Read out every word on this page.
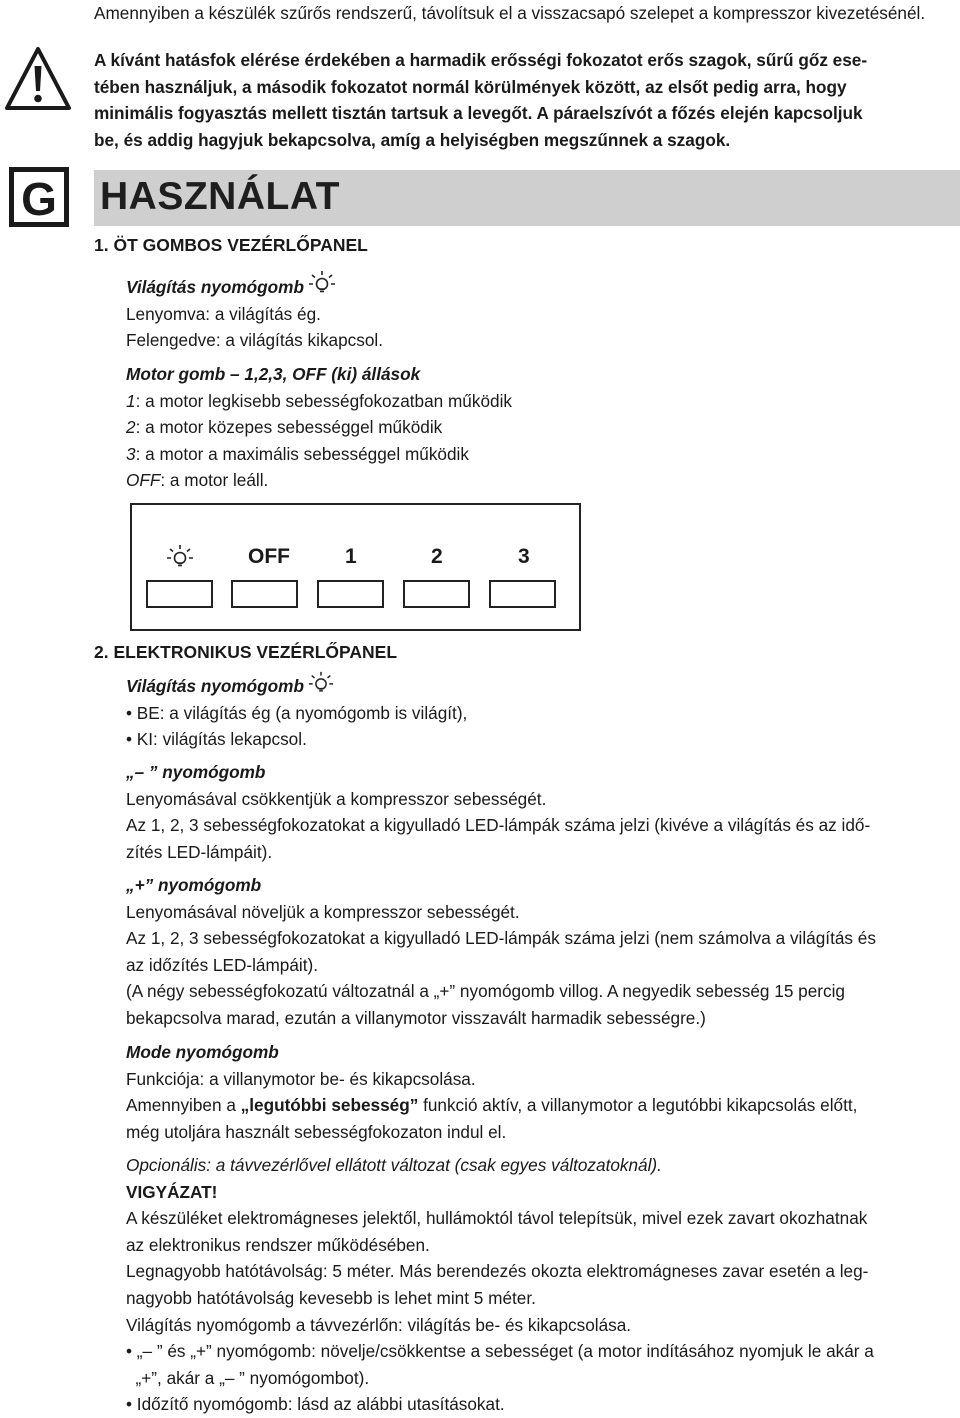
G

Amennyiben a készülék szűrős rendszerű, távolítsuk el a visszacsapó szelepet a kompresszor kivezetésénél.

A kívánt hatásfok elérése érdekében a harmadik erősségi fokozatot erős szagok, sűrű gőz ese-
tében használjuk, a második fokozatot normál körülmények között, az elsőt pedig arra, hogy
minimális fogyasztás mellett tisztán tartsuk a levegőt. A páraelszívót a főzés elején kapcsoljuk
be, és addig hagyjuk bekapcsolva, amíg a helyiségben megszűnnek a szagok.

HASZNÁLAT
1. ÖT GOMBOS VEZÉRLŐPANEL
Világítás nyomógomb
Lenyomva: a világítás ég.
Felengedve: a világítás kikapcsol.
Motor gomb – 1,2,3, OFF (ki) állások
1: a motor legkisebb sebességfokozatban működik
2: a motor közepes sebességgel működik
3: a motor a maximális sebességgel működik
OFF: a motor leáll.
OFF	1	2	3
2. ELEKTRONIKUS VEZÉRLŐPANEL
Világítás nyomógomb
• BE: a világítás ég (a nyomógomb is világít),
• KI: világítás lekapcsol.
„– ” nyomógomb
Lenyomásával csökkentjük a kompresszor sebességét.
Az 1, 2, 3 sebességfokozatokat a kigyulladó LED-lámpák száma jelzi (kivéve a világítás és az idő-
zítés LED-lámpáit).
„+” nyomógomb
Lenyomásával növeljük a kompresszor sebességét.
Az 1, 2, 3 sebességfokozatokat a kigyulladó LED-lámpák száma jelzi (nem számolva a világítás és
az időzítés LED-lámpáit).
(A négy sebességfokozatú változatnál a „+” nyomógomb villog. A negyedik sebesség 15 percig
bekapcsolva marad, ezután a villanymotor visszavált harmadik sebességre.)
Mode nyomógomb
Funkciója: a villanymotor be- és kikapcsolása.
Amennyiben a „legutóbbi sebesség” funkció aktív, a villanymotor a legutóbbi kikapcsolás előtt,
még utoljára használt sebességfokozaton indul el.
Opcionális: a távvezérlővel ellátott változat (csak egyes változatoknál).
VIGYÁZAT!
A készüléket elektromágneses jelektől, hullámoktól távol telepítsük, mivel ezek zavart okozhatnak
az elektronikus rendszer működésében.
Legnagyobb hatótávolság: 5 méter. Más berendezés okozta elektromágneses zavar esetén a leg-
nagyobb hatótávolság kevesebb is lehet mint 5 méter.
Világítás nyomógomb a távvezérlőn: világítás be- és kikapcsolása.
• „– ” és „+” nyomógomb: növelje/csökkentse a sebességet (a motor indításához nyomjuk le akár a
„+”, akár a „– ” nyomógombot).
• Időzítő nyomógomb: lásd az alábbi utasításokat.
